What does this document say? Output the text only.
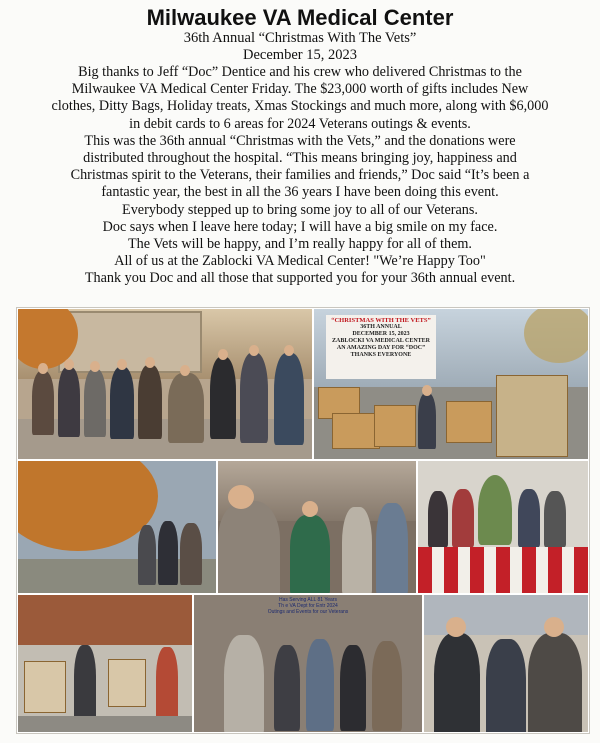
Milwaukee VA Medical Center
36th Annual “Christmas With The Vets”
December 15, 2023
Big thanks to Jeff “Doc” Dentice and his crew who delivered Christmas to the
Milwaukee VA Medical Center Friday. The $23,000 worth of gifts includes New
clothes, Ditty Bags, Holiday treats, Xmas Stockings and much more, along with $6,000
in debit cards to 6 areas for 2024 Veterans outings & events.
This was the 36th annual “Christmas with the Vets,” and the donations were
distributed throughout the hospital. “This means bringing joy, happiness and
Christmas spirit to the Veterans, their families and friends,” Doc said “It’s been a
fantastic year, the best in all the 36 years I have been doing this event.
Everybody stepped up to bring some joy to all of our Veterans.
Doc says when I leave here today; I will have a big smile on my face.
The Vets will be happy, and I’m really happy for all of them.
All of us at the Zablocki VA Medical Center! "We’re Happy Too"
Thank you Doc and all those that supported you for your 36th annual event.
“CHRISTMAS WITH THE VETS”
36TH ANNUAL
DECEMBER 15, 2023
ZABLOCKI VA MEDICAL CENTER
AN AMAZING DAY FOR “DOC”
THANKS EVERYONE
Has Serving ALL 81 Years
Th e VA Dept for Entr 2024
Outings and Events for our Veterans
